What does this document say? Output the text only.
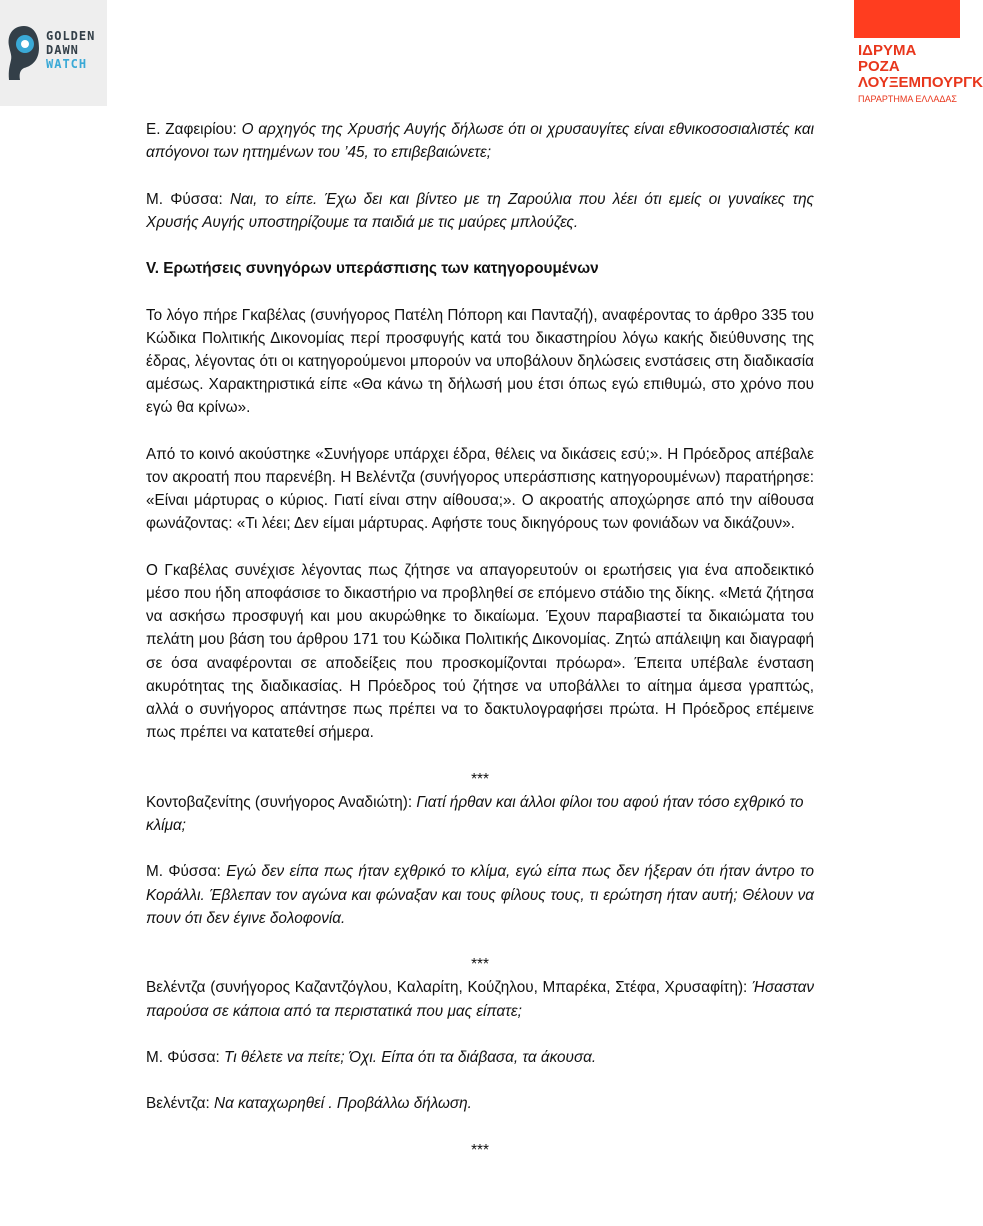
GOLDEN
DAWN
WATCH
ΙΔΡΥΜΑ
ΡΟΖΑ
ΛΟΥΞΕΜΠΟΥΡΓΚ
ΠΑΡΑΡΤΗΜΑ ΕΛΛΑΔΑΣ

Ε. Ζαφειρίου: Ο αρχηγός της Χρυσής Αυγής δήλωσε ότι οι χρυσαυγίτες είναι εθνικοσοσιαλιστές και απόγονοι των ηττημένων του ’45, το επιβεβαιώνετε;

Μ. Φύσσα: Ναι, το είπε. Έχω δει και βίντεο με τη Ζαρούλια που λέει ότι εμείς οι γυναίκες της Χρυσής Αυγής υποστηρίζουμε τα παιδιά με τις μαύρες μπλούζες.

V. Ερωτήσεις συνηγόρων υπεράσπισης των κατηγορουμένων

Το λόγο πήρε Γκαβέλας (συνήγορος Πατέλη Πόπορη και Πανταζή), αναφέροντας το άρθρο 335 του Κώδικα Πολιτικής Δικονομίας περί προσφυγής κατά του δικαστηρίου λόγω κακής διεύθυνσης της έδρας, λέγοντας ότι οι κατηγορούμενοι μπορούν να υποβάλουν δηλώσεις ενστάσεις στη διαδικασία αμέσως. Χαρακτηριστικά είπε «Θα κάνω τη δήλωσή μου έτσι όπως εγώ επιθυμώ, στο χρόνο που εγώ θα κρίνω».

Από το κοινό ακούστηκε «Συνήγορε υπάρχει έδρα, θέλεις να δικάσεις εσύ;». Η Πρόεδρος απέβαλε τον ακροατή που παρενέβη. Η Βελέντζα (συνήγορος υπεράσπισης κατηγορουμένων) παρατήρησε: «Είναι μάρτυρας ο κύριος. Γιατί είναι στην αίθουσα;». Ο ακροατής αποχώρησε από την αίθουσα φωνάζοντας: «Τι λέει; Δεν είμαι μάρτυρας. Αφήστε τους δικηγόρους των φονιάδων να δικάζουν».

Ο Γκαβέλας συνέχισε λέγοντας πως ζήτησε να απαγορευτούν οι ερωτήσεις για ένα αποδεικτικό μέσο που ήδη αποφάσισε το δικαστήριο να προβληθεί σε επόμενο στάδιο της δίκης. «Μετά ζήτησα να ασκήσω προσφυγή και μου ακυρώθηκε το δικαίωμα. Έχουν παραβιαστεί τα δικαιώματα του πελάτη μου βάση του άρθρου 171 του Κώδικα Πολιτικής Δικονομίας. Ζητώ απάλειψη και διαγραφή σε όσα αναφέρονται σε αποδείξεις που προσκομίζονται πρόωρα». Έπειτα υπέβαλε ένσταση ακυρότητας της διαδικασίας. Η Πρόεδρος τού ζήτησε να υποβάλλει το αίτημα άμεσα γραπτώς, αλλά ο συνήγορος απάντησε πως πρέπει να το δακτυλογραφήσει πρώτα. Η Πρόεδρος επέμεινε πως πρέπει να κατατεθεί σήμερα.

***

Κοντοβαζενίτης (συνήγορος Αναδιώτη): Γιατί ήρθαν και άλλοι φίλοι του αφού ήταν τόσο εχθρικό το κλίμα;

Μ. Φύσσα: Εγώ δεν είπα πως ήταν εχθρικό το κλίμα, εγώ είπα πως δεν ήξεραν ότι ήταν άντρο το Κοράλλι. Έβλεπαν τον αγώνα και φώναξαν και τους φίλους τους, τι ερώτηση ήταν αυτή; Θέλουν να πουν ότι δεν έγινε δολοφονία.

***

Βελέντζα (συνήγορος Καζαντζόγλου, Καλαρίτη, Κούζηλου, Μπαρέκα, Στέφα, Χρυσαφίτη): Ήσασταν παρούσα σε κάποια από τα περιστατικά που μας είπατε;

Μ. Φύσσα: Τι θέλετε να πείτε; Όχι. Είπα ότι τα διάβασα, τα άκουσα.

Βελέντζα: Να καταχωρηθεί . Προβάλλω δήλωση.

***
